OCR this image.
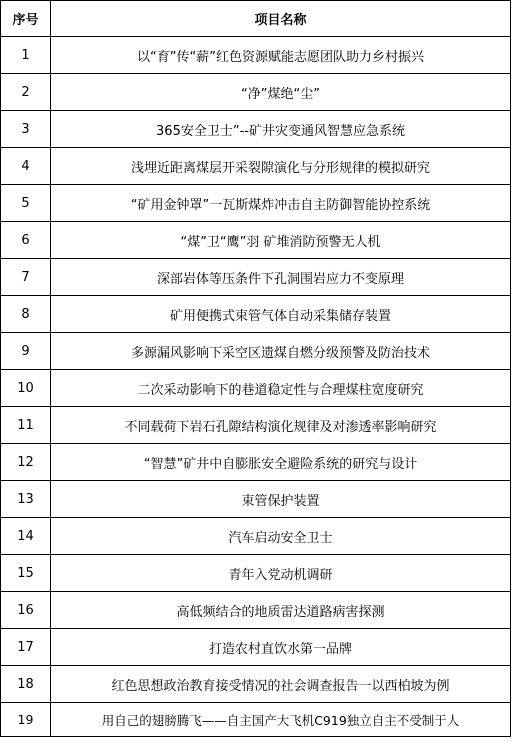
序号	项目名称
1	以“育”传“薪”红色资源赋能志愿团队助力乡村振兴
2	“净”煤绝“尘”
3	365安全卫士”--矿井灾变通风智慧应急系统
4	浅埋近距离煤层开采裂隙演化与分形规律的模拟研究
5	“矿用金钟罩”一瓦斯煤炸冲击自主防御智能协控系统
6	“煤”卫“鹰”羽 矿堆消防预警无人机
7	深部岩体等压条件下孔洞围岩应力不变原理
8	矿用便携式束管气体自动采集储存装置
9	多源漏风影响下采空区遗煤自燃分级预警及防治技术
10	二次采动影响下的巷道稳定性与合理煤柱宽度研究
11	不同载荷下岩石孔隙结构演化规律及对渗透率影响研究
12	“智慧”矿井中自膨胀安全避险系统的研究与设计
13	束管保护装置
14	汽车启动安全卫士
15	青年入党动机调研
16	高低频结合的地质雷达道路病害探测
17	打造农村直饮水第一品牌
18	红色思想政治教育接受情况的社会调查报告一以西柏坡为例
19	用自己的翅膀腾飞——自主国产大飞机C919独立自主不受制于人
